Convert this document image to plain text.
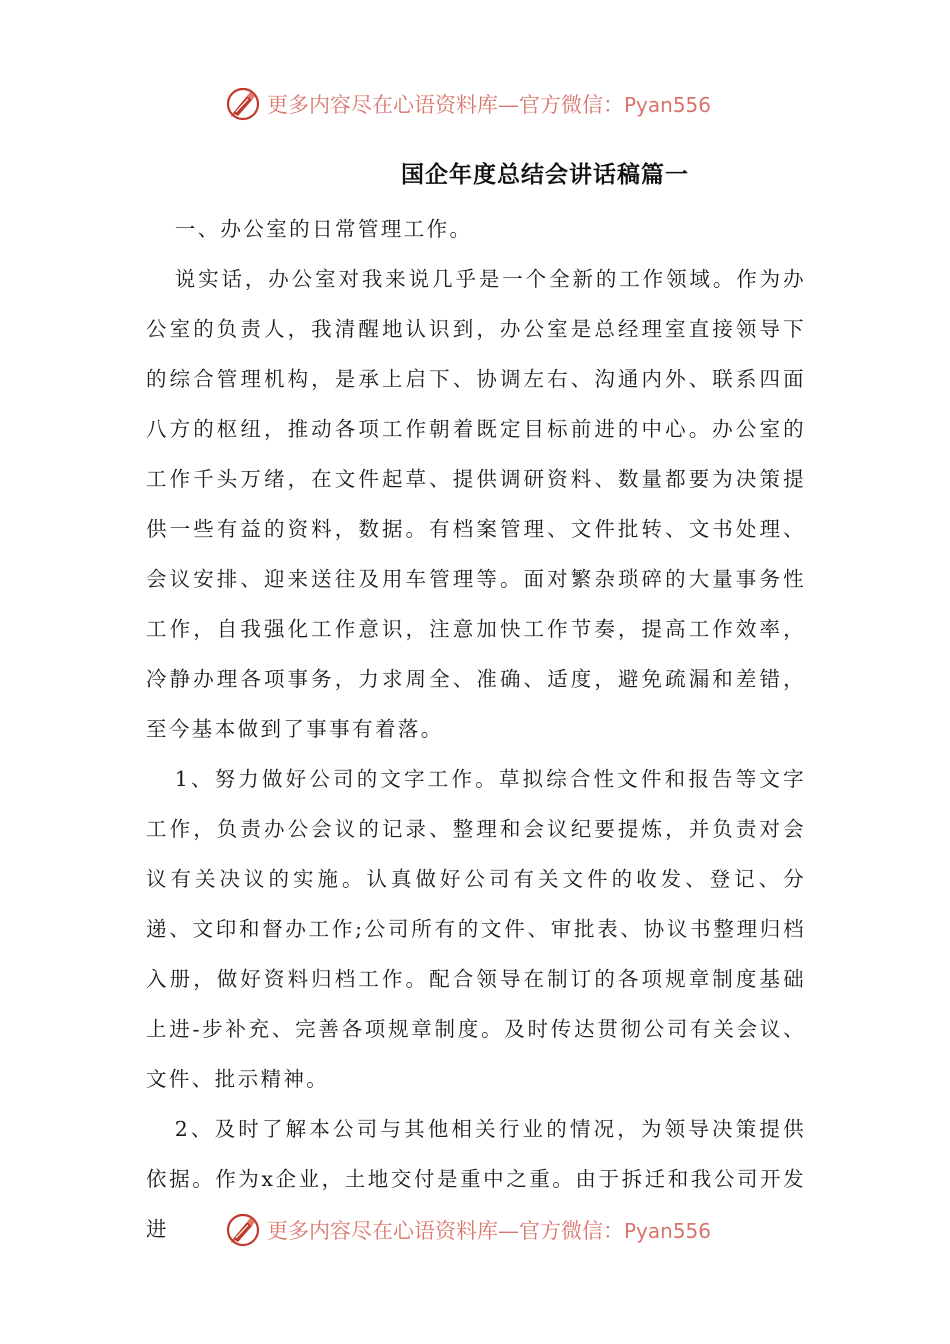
更多内容尽在心语资料库—官方微信：Pyan556
国企年度总结会讲话稿篇一

一、办公室的日常管理工作。

说实话，办公室对我来说几乎是一个全新的工作领域。作为办公室的负责人，我清醒地认识到，办公室是总经理室直接领导下的综合管理机构，是承上启下、协调左右、沟通内外、联系四面八方的枢纽，推动各项工作朝着既定目标前进的中心。办公室的工作千头万绪，在文件起草、提供调研资料、数量都要为决策提供一些有益的资料，数据。有档案管理、文件批转、文书处理、会议安排、迎来送往及用车管理等。面对繁杂琐碎的大量事务性工作，自我强化工作意识，注意加快工作节奏，提高工作效率，冷静办理各项事务，力求周全、准确、适度，避免疏漏和差错，至今基本做到了事事有着落。

1、努力做好公司的文字工作。草拟综合性文件和报告等文字工作，负责办公会议的记录、整理和会议纪要提炼，并负责对会议有关决议的实施。认真做好公司有关文件的收发、登记、分递、文印和督办工作;公司所有的文件、审批表、协议书整理归档入册，做好资料归档工作。配合领导在制订的各项规章制度基础上进-步补充、完善各项规章制度。及时传达贯彻公司有关会议、文件、批示精神。

2、及时了解本公司与其他相关行业的情况，为领导决策提供依据。作为x企业，土地交付是重中之重。由于拆迁和我公司开发进	更多内容尽在心语资料库—官方微信：Pyan556
